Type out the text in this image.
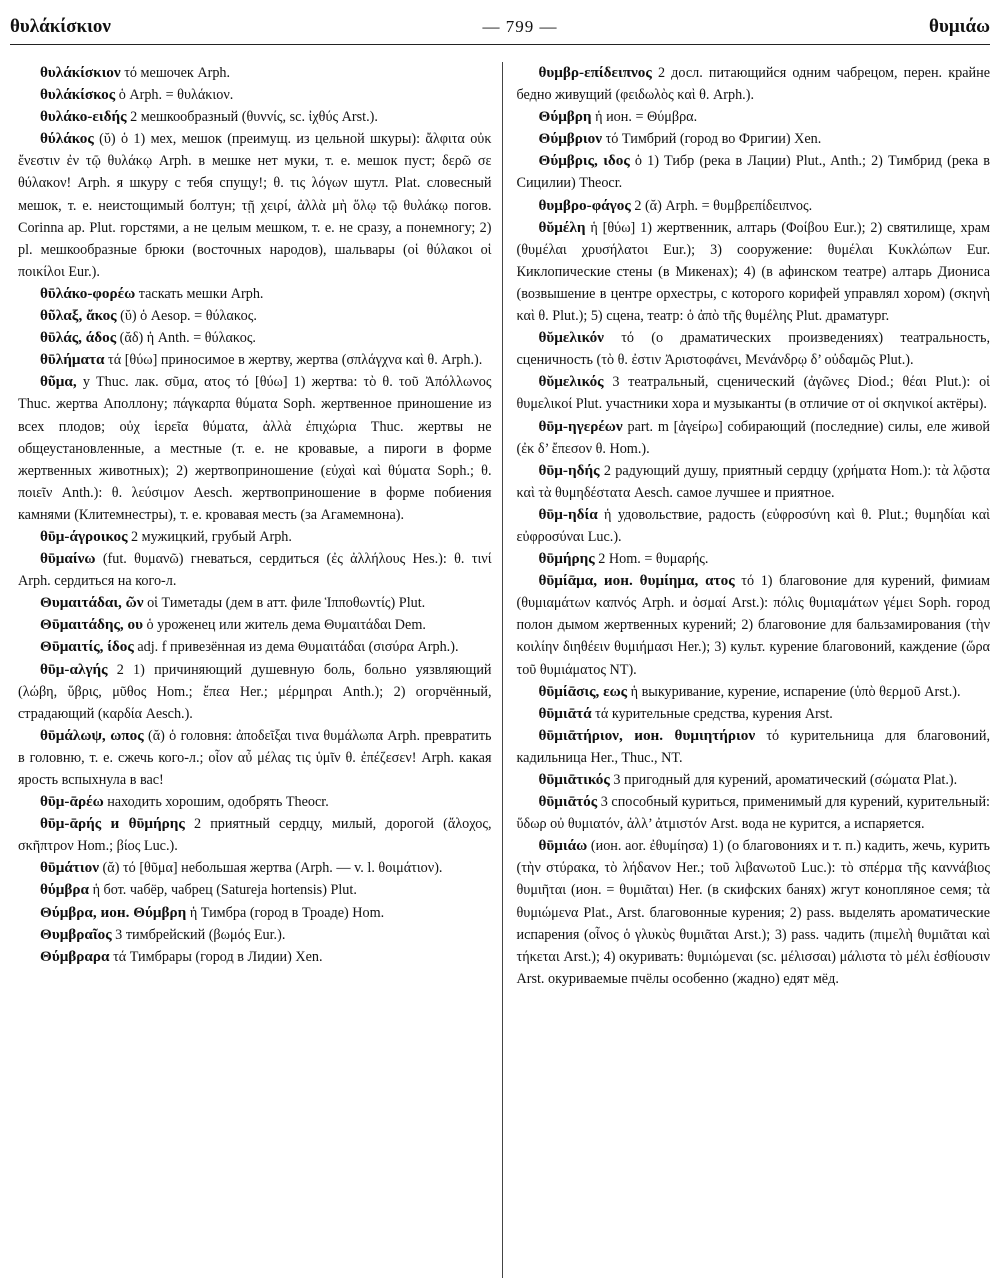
θυλάκίσκιον	— 799 —	θυμιάω

θυλάκίσκιον τό мешочек Arph.

θυλάκίσκος ὁ Arph. = θυλάκιον.

θυλάκο-ειδής 2 мешкообразный (θυννίς, sc. ἰχθύς Arst.).

θύλάκος (ῠ) ὁ 1) мех, мешок (преимущ. из цельной шкуры): ἄλφιτα οὐκ ἔνεστιν ἐν τῷ θυλάκῳ Arph. в мешке нет муки, т. е. мешок пуст; δερῶ σε θύλακον! Arph. я шкуру с тебя спущу!; θ. τις λόγων шутл. Plat. словесный мешок, т. е. неистощимый болтун; τῇ χειρί, ἀλλὰ μὴ ὅλῳ τῷ θυλάκῳ погов. Corinna ap. Plut. горстями, а не целым мешком, т. е. не сразу, а понемногу; 2) pl. мешкообразные брюки (восточных народов), шальвары (οἱ θύλακοι οἱ ποικίλοι Eur.).

θῡλάκο-φορέω таскать мешки Arph.

θῦλαξ, ἄκος (ῠ) ὁ Aesop. = θύλακος.

θῡλάς, άδος (ᾰδ) ἡ Anth. = θύλακος.

θῡλήματα τά [θύω] приносимое в жертву, жертва (σπλάγχνα καὶ θ. Arph.).

θῦμα, у Thuc. лак. σῦμα, ατος τό [θύω] 1) жертва: τὸ θ. τοῦ Ἀπόλλωνος Thuc. жертва Аполлону; πάγκαρπα θύματα Soph. жертвенное приношение из всех плодов; οὐχ ἱερεῖα θύματα, ἀλλὰ ἐπιχώρια Thuc. жертвы не общеустановленные, а местные (т. е. не кровавые, а пироги в форме жертвенных животных); 2) жертвоприношение (εὐχαὶ καὶ θύματα Soph.; θ. ποιεῖν Anth.): θ. λεύσιμον Aesch. жертвоприношение в форме побиения камнями (Клитемнестры), т. е. кровавая месть (за Агамемнона).

θῡμ-άγροικος 2 мужицкий, грубый Arph.

θῡμαίνω (fut. θυμανῶ) гневаться, сердиться (ἐς ἀλλήλους Hes.): θ. τινί Arph. сердиться на кого-л.

Θυμαιτάδαι, ῶν οἱ Тиметады (дем в атт. филе Ἱπποθωντίς) Plut.

Θῡμαιτάδης, ου ὁ уроженец или житель дема Θυμαιτάδαι Dem.

Θῡμαιτίς, ίδος adj. f привезённая из дема Θυμαιτάδαι (σισύρα Arph.).

θῡμ-αλγής 2 1) причиняющий душевную боль, больно уязвляющий (λώβη, ὕβρις, μῦθος Hom.; ἔπεα Her.; μέρμηραι Anth.); 2) огорчённый, страдающий (καρδία Aesch.).

θῡμάλωψ, ωπος (ᾰ) ὁ головня: ἀποδεῖξαι τινα θυμάλωπα Arph. превратить в головню, т. е. сжечь кого-л.; οἷον αὖ μέλας τις ὑμῖν θ. ἐπέζεσεν! Arph. какая ярость вспыхнула в вас!

θῡμ-ᾱρέω находить хорошим, одобрять Theocr.

θῡμ-ᾱρής и θῡμήρης 2 приятный сердцу, милый, дорогой (ἄλοχος, σκῆπτρον Hom.; βίος Luc.).

θῡμάτιον (ᾰ) τό [θῦμα] небольшая жертва (Arph. — v. l. θοιμάτιον).

θύμβρα ἡ бот. чабёр, чабрец (Satureja hortensis) Plut.

Θύμβρα, ион. Θύμβρη ἡ Тимбра (город в Троаде) Hom.

Θυμβραῖος 3 тимбрейский (βωμός Eur.).

Θύμβραρα τά Тимбрары (город в Лидии) Xen.

θυμβρ-επίδειπνος 2 досл. питающийся одним чабрецом, перен. крайне бедно живущий (φειδωλὸς καὶ θ. Arph.).

Θύμβρη ἡ ион. = Θύμβρα.

Θύμβριον τό Тимбрий (город во Фригии) Xen.

Θύμβρις, ιδος ὁ 1) Тибр (река в Лации) Plut., Anth.; 2) Тимбрид (река в Сицилии) Theocr.

θυμβρο-φάγος 2 (ᾰ) Arph. = θυμβρεπίδειπνος.

θῠμέλη ἡ [θύω] 1) жертвенник, алтарь (Φοίβου Eur.); 2) святилище, храм (θυμέλαι χρυσήλατοι Eur.); 3) сооружение: θυμέλαι Κυκλώπων Eur. Киклопические стены (в Микенах); 4) (в афинском театре) алтарь Диониса (возвышение в центре орхестры, с которого корифей управлял хором) (σκηνὴ καὶ θ. Plut.); 5) сцена, театр: ὁ ἀπὸ τῆς θυμέλης Plut. драматург.

θῠμελικόν τό (о драматических произведениях) театральность, сценичность (τὸ θ. ἐστιν Ἀριστοφάνει, Μενάνδρῳ δ’ οὐδαμῶς Plut.).

θῠμελικός 3 театральный, сценический (ἀγῶνες Diod.; θέαι Plut.): οἱ θυμελικοί Plut. участники хора и музыканты (в отличие от οἱ σκηνικοί актёры).

θῡμ-ηγερέων part. m [ἀγείρω] собирающий (последние) силы, еле живой (ἐκ δ’ ἔπεσον θ. Hom.).

θῡμ-ηδής 2 радующий душу, приятный сердцу (χρήματα Hom.): τὰ λῷστα καὶ τὰ θυμηδέστατα Aesch. самое лучшее и приятное.

θῡμ-ηδία ἡ удовольствие, радость (εὐφροσύνη καὶ θ. Plut.; θυμηδίαι καὶ εὐφροσύναι Luc.).

θῡμήρης 2 Hom. = θυμαρής.

θῡμίᾱμα, ион. θυμίημα, ατος τό 1) благовоние для курений, фимиам (θυμιαμάτων καπνός Arph. и ὀσμαί Arst.): πόλις θυμιαμάτων γέμει Soph. город полон дымом жертвенных курений; 2) благовоние для бальзамирования (τὴν κοιλίην διηθέειν θυμιήμασι Her.); 3) культ. курение благовоний, каждение (ὥρα τοῦ θυμιάματος NT).

θῡμίᾱσις, εως ἡ выкуривание, курение, испарение (ὑπὸ θερμοῦ Arst.).

θῡμιᾱτά τά курительные средства, курения Arst.

θῡμιᾱτήριον, ион. θυμιητήριον τό курительница для благовоний, кадильница Her., Thuc., NT.

θῡμιᾱτικός 3 пригодный для курений, ароматический (σώματα Plat.).

θῡμιᾱτός 3 способный куриться, применимый для курений, курительный: ὕδωρ οὐ θυμιατόν, ἀλλ’ ἀτμιστόν Arst. вода не курится, а испаряется.

θῡμιάω (ион. aor. ἐθυμίησα) 1) (о благовониях и т. п.) кадить, жечь, курить (τὴν στύρακα, τὸ λήδανον Her.; τοῦ λιβανωτοῦ Luc.): τὸ σπέρμα τῆς καννάβιος θυμιῆται (ион. = θυμιᾶται) Her. (в скифских банях) жгут конопляное семя; τὰ θυμιώμενα Plat., Arst. благовонные курения; 2) pass. выделять ароматические испарения (οἶνος ὁ γλυκὺς θυμιᾶται Arst.); 3) pass. чадить (πιμελὴ θυμιᾶται καὶ τήκεται Arst.); 4) окуривать: θυμιώμεναι (sc. μέλισσαι) μάλιστα τὸ μέλι ἐσθίουσιν Arst. окуриваемые пчёлы особенно (жадно) едят мёд.
